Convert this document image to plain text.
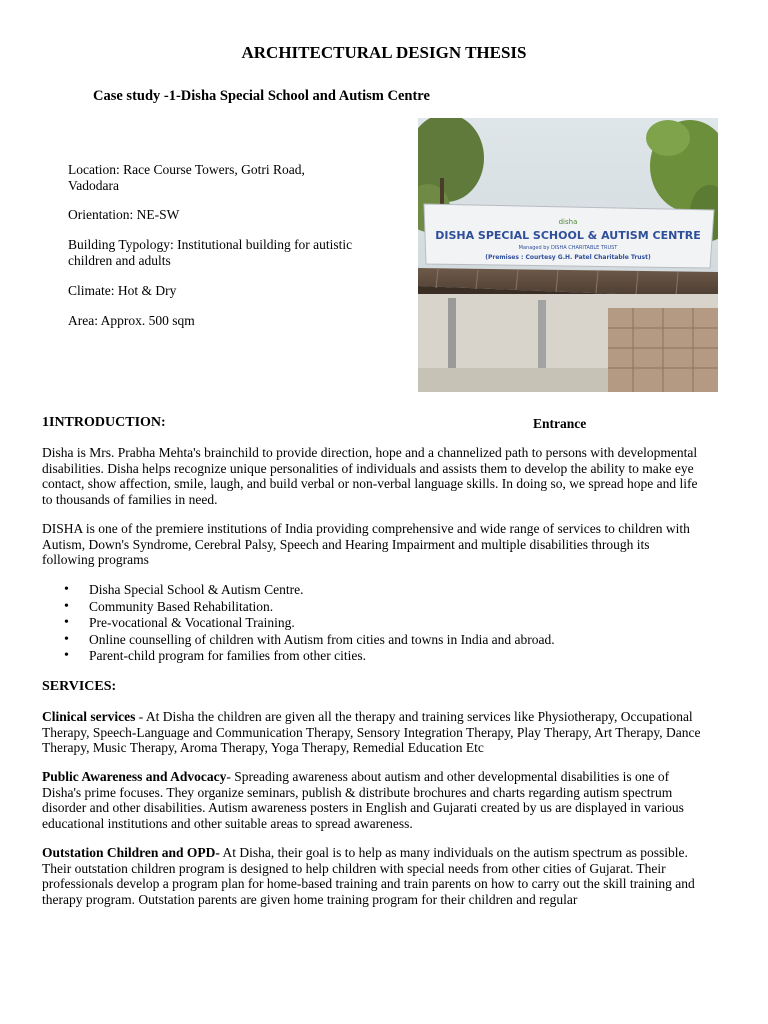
ARCHITECTURAL DESIGN THESIS
Case study -1-Disha Special School and Autism Centre

Location: Race Course Towers, Gotri Road, Vadodara

Orientation: NE-SW

Building Typology: Institutional building for autistic children and adults

Climate: Hot & Dry

Area: Approx. 500 sqm

disha
DISHA SPECIAL SCHOOL & AUTISM CENTRE
Managed by DISHA CHARITABLE TRUST
(Premises : Courtesy G.H. Patel Charitable Trust)
Entrance
1INTRODUCTION:

Disha is Mrs. Prabha Mehta's brainchild to provide direction, hope and a channelized path to persons with developmental disabilities. Disha helps recognize unique personalities of individuals and assists them to develop the ability to make eye contact, show affection, smile, laugh, and build verbal or non-verbal language skills. In doing so, we spread hope and life to thousands of families in need.

DISHA is one of the premiere institutions of India providing comprehensive and wide range of services to children with Autism, Down's Syndrome, Cerebral Palsy, Speech and Hearing Impairment and multiple disabilities through its following programs

• Disha Special School & Autism Centre.
• Community Based Rehabilitation.
• Pre-vocational & Vocational Training.
• Online counselling of children with Autism from cities and towns in India and abroad.
• Parent-child program for families from other cities.
SERVICES:

Clinical services - At Disha the children are given all the therapy and training services like Physiotherapy, Occupational Therapy, Speech-Language and Communication Therapy, Sensory Integration Therapy, Play Therapy, Art Therapy, Dance Therapy, Music Therapy, Aroma Therapy, Yoga Therapy, Remedial Education Etc

Public Awareness and Advocacy- Spreading awareness about autism and other developmental disabilities is one of Disha's prime focuses. They organize seminars, publish & distribute brochures and charts regarding autism spectrum disorder and other disabilities. Autism awareness posters in English and Gujarati created by us are displayed in various educational institutions and other suitable areas to spread awareness.

Outstation Children and OPD- At Disha, their goal is to help as many individuals on the autism spectrum as possible. Their outstation children program is designed to help children with special needs from other cities of Gujarat. Their professionals develop a program plan for home-based training and train parents on how to carry out the skill training and therapy program. Outstation parents are given home training program for their children and regular
